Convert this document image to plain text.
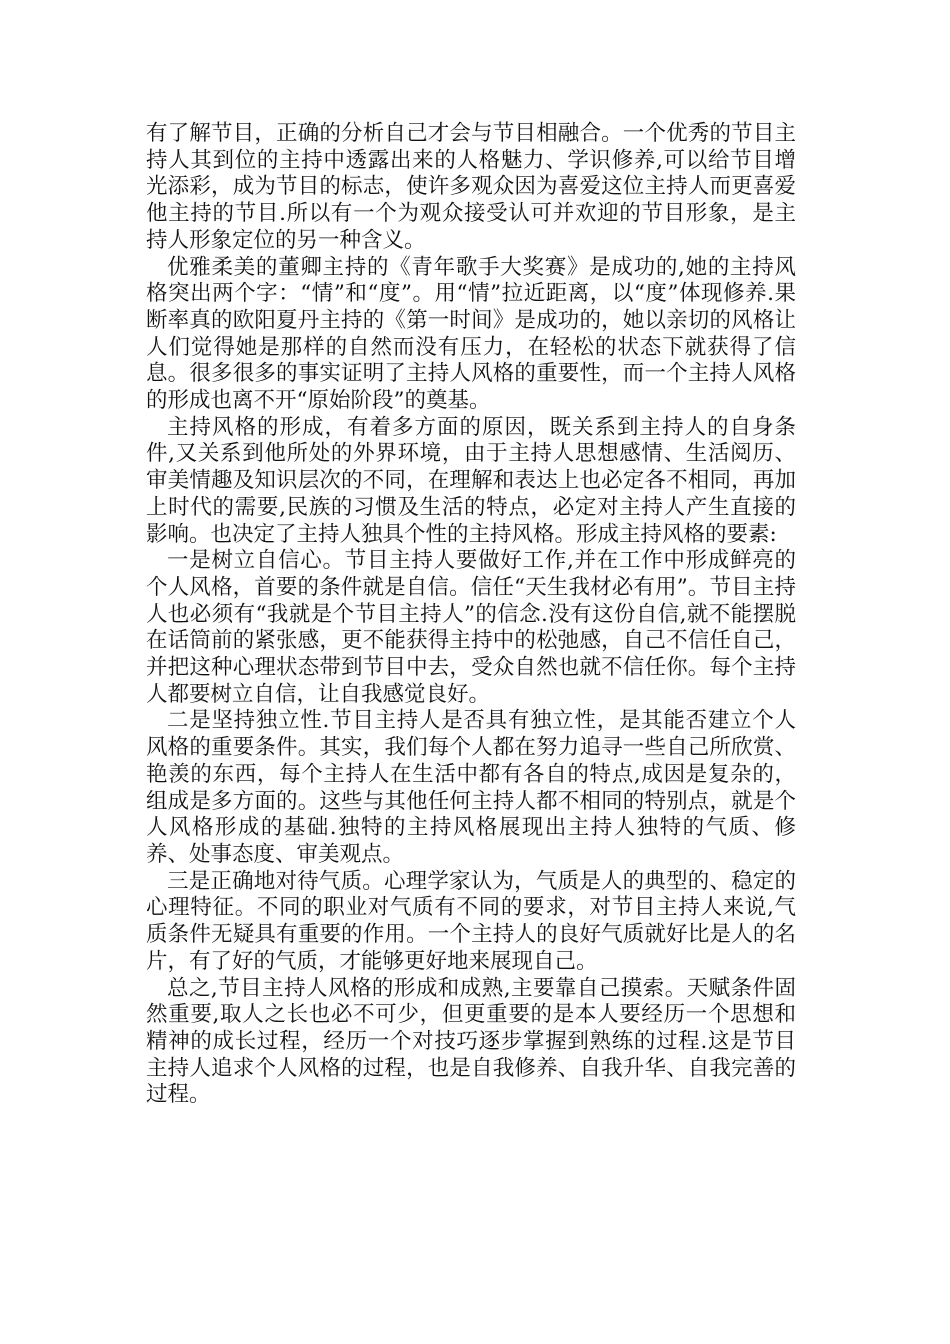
有了解节目，正确的分析自己才会与节目相融合。一个优秀的节目主持人其到位的主持中透露出来的人格魅力、学识修养,可以给节目增光添彩，成为节目的标志，使许多观众因为喜爱这位主持人而更喜爱他主持的节目.所以有一个为观众接受认可并欢迎的节目形象，是主持人形象定位的另一种含义。

优雅柔美的董卿主持的《青年歌手大奖赛》是成功的,她的主持风格突出两个字：“情”和“度”。用“情”拉近距离，以“度”体现修养.果断率真的欧阳夏丹主持的《第一时间》是成功的，她以亲切的风格让人们觉得她是那样的自然而没有压力，在轻松的状态下就获得了信息。很多很多的事实证明了主持人风格的重要性，而一个主持人风格的形成也离不开“原始阶段”的奠基。

主持风格的形成，有着多方面的原因，既关系到主持人的自身条件,又关系到他所处的外界环境，由于主持人思想感情、生活阅历、审美情趣及知识层次的不同，在理解和表达上也必定各不相同，再加上时代的需要,民族的习惯及生活的特点，必定对主持人产生直接的影响。也决定了主持人独具个性的主持风格。形成主持风格的要素:

一是树立自信心。节目主持人要做好工作,并在工作中形成鲜亮的个人风格，首要的条件就是自信。信任“天生我材必有用”。节目主持人也必须有“我就是个节目主持人”的信念.没有这份自信,就不能摆脱在话筒前的紧张感，更不能获得主持中的松弛感，自己不信任自己，并把这种心理状态带到节目中去，受众自然也就不信任你。每个主持人都要树立自信，让自我感觉良好。

二是坚持独立性.节目主持人是否具有独立性，是其能否建立个人风格的重要条件。其实，我们每个人都在努力追寻一些自己所欣赏、艳羡的东西，每个主持人在生活中都有各自的特点,成因是复杂的，组成是多方面的。这些与其他任何主持人都不相同的特别点，就是个人风格形成的基础.独特的主持风格展现出主持人独特的气质、修养、处事态度、审美观点。

三是正确地对待气质。心理学家认为，气质是人的典型的、稳定的心理特征。不同的职业对气质有不同的要求，对节目主持人来说,气质条件无疑具有重要的作用。一个主持人的良好气质就好比是人的名片，有了好的气质，才能够更好地来展现自己。

总之,节目主持人风格的形成和成熟,主要靠自己摸索。天赋条件固然重要,取人之长也必不可少，但更重要的是本人要经历一个思想和精神的成长过程，经历一个对技巧逐步掌握到熟练的过程.这是节目主持人追求个人风格的过程，也是自我修养、自我升华、自我完善的过程。
